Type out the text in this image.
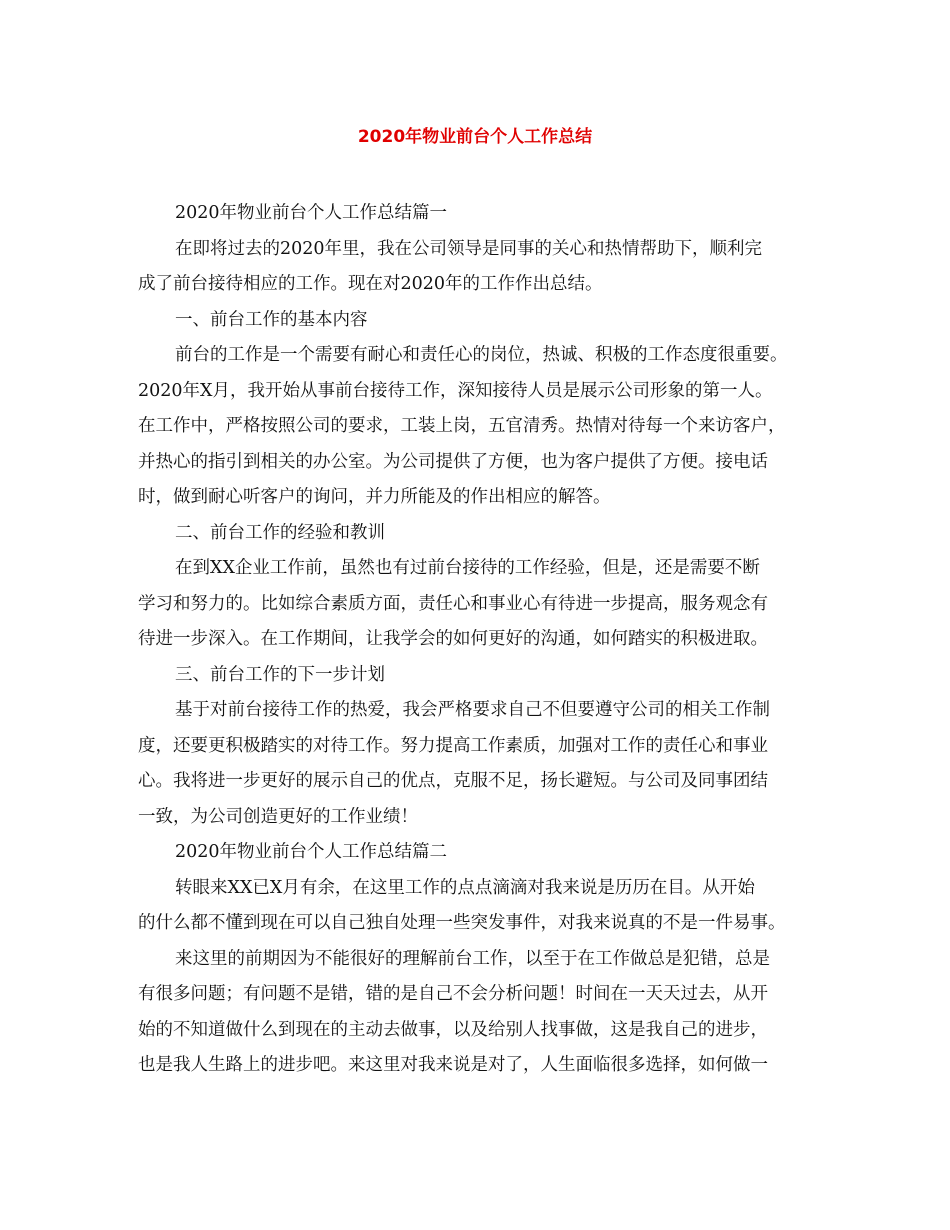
2020年物业前台个人工作总结
2020年物业前台个人工作总结篇一
在即将过去的2020年里，我在公司领导是同事的关心和热情帮助下，顺利完
成了前台接待相应的工作。现在对2020年的工作作出总结。
一、前台工作的基本内容
前台的工作是一个需要有耐心和责任心的岗位，热诚、积极的工作态度很重要。
2020年X月，我开始从事前台接待工作，深知接待人员是展示公司形象的第一人。
在工作中，严格按照公司的要求，工装上岗，五官清秀。热情对待每一个来访客户，
并热心的指引到相关的办公室。为公司提供了方便，也为客户提供了方便。接电话
时，做到耐心听客户的询问，并力所能及的作出相应的解答。
二、前台工作的经验和教训
在到XX企业工作前，虽然也有过前台接待的工作经验，但是，还是需要不断
学习和努力的。比如综合素质方面，责任心和事业心有待进一步提高，服务观念有
待进一步深入。在工作期间，让我学会的如何更好的沟通，如何踏实的积极进取。
三、前台工作的下一步计划
基于对前台接待工作的热爱，我会严格要求自己不但要遵守公司的相关工作制
度，还要更积极踏实的对待工作。努力提高工作素质，加强对工作的责任心和事业
心。我将进一步更好的展示自己的优点，克服不足，扬长避短。与公司及同事团结
一致，为公司创造更好的工作业绩！
2020年物业前台个人工作总结篇二
转眼来XX已X月有余，在这里工作的点点滴滴对我来说是历历在目。从开始
的什么都不懂到现在可以自己独自处理一些突发事件，对我来说真的不是一件易事。
来这里的前期因为不能很好的理解前台工作，以至于在工作做总是犯错，总是
有很多问题；有问题不是错，错的是自己不会分析问题！时间在一天天过去，从开
始的不知道做什么到现在的主动去做事，以及给别人找事做，这是我自己的进步，
也是我人生路上的进步吧。来这里对我来说是对了，人生面临很多选择，如何做一
